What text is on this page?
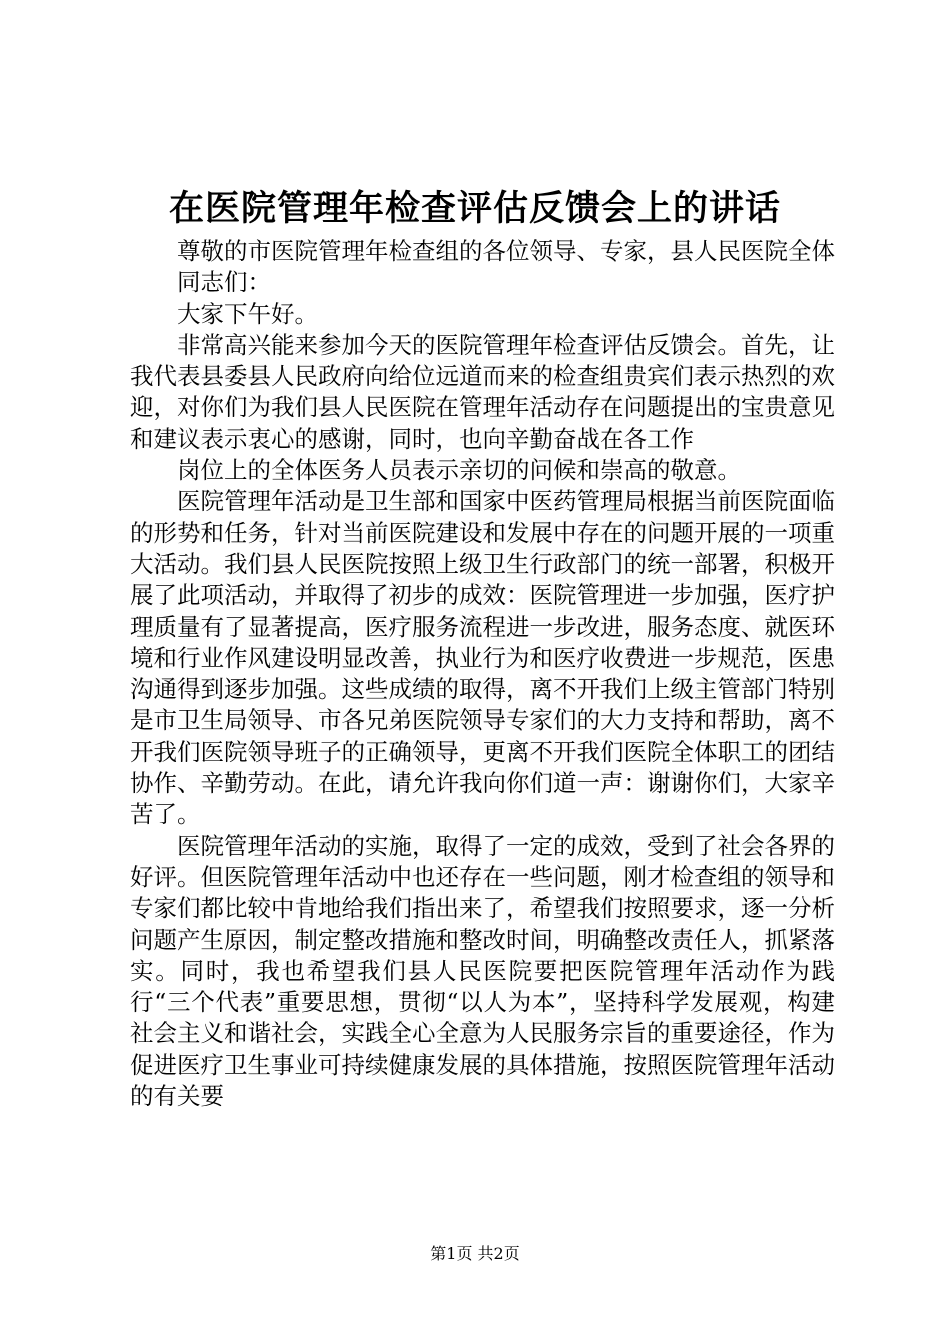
在医院管理年检查评估反馈会上的讲话

尊敬的市医院管理年检查组的各位领导、专家，县人民医院全体

同志们：

大家下午好。

非常高兴能来参加今天的医院管理年检查评估反馈会。首先，让我代表县委县人民政府向给位远道而来的检查组贵宾们表示热烈的欢迎，对你们为我们县人民医院在管理年活动存在问题提出的宝贵意见和建议表示衷心的感谢，同时，也向辛勤奋战在各工作

岗位上的全体医务人员表示亲切的问候和崇高的敬意。

医院管理年活动是卫生部和国家中医药管理局根据当前医院面临的形势和任务，针对当前医院建设和发展中存在的问题开展的一项重大活动。我们县人民医院按照上级卫生行政部门的统一部署，积极开展了此项活动，并取得了初步的成效：医院管理进一步加强，医疗护理质量有了显著提高，医疗服务流程进一步改进，服务态度、就医环境和行业作风建设明显改善，执业行为和医疗收费进一步规范，医患沟通得到逐步加强。这些成绩的取得，离不开我们上级主管部门特别是市卫生局领导、市各兄弟医院领导专家们的大力支持和帮助，离不开我们医院领导班子的正确领导，更离不开我们医院全体职工的团结协作、辛勤劳动。在此，请允许我向你们道一声：谢谢你们，大家辛苦了。

医院管理年活动的实施，取得了一定的成效，受到了社会各界的好评。但医院管理年活动中也还存在一些问题，刚才检查组的领导和专家们都比较中肯地给我们指出来了，希望我们按照要求，逐一分析问题产生原因，制定整改措施和整改时间，明确整改责任人，抓紧落实。同时，我也希望我们县人民医院要把医院管理年活动作为践行“三个代表”重要思想，贯彻“以人为本”，坚持科学发展观，构建社会主义和谐社会，实践全心全意为人民服务宗旨的重要途径，作为促进医疗卫生事业可持续健康发展的具体措施，按照医院管理年活动的有关要

第1页 共2页
